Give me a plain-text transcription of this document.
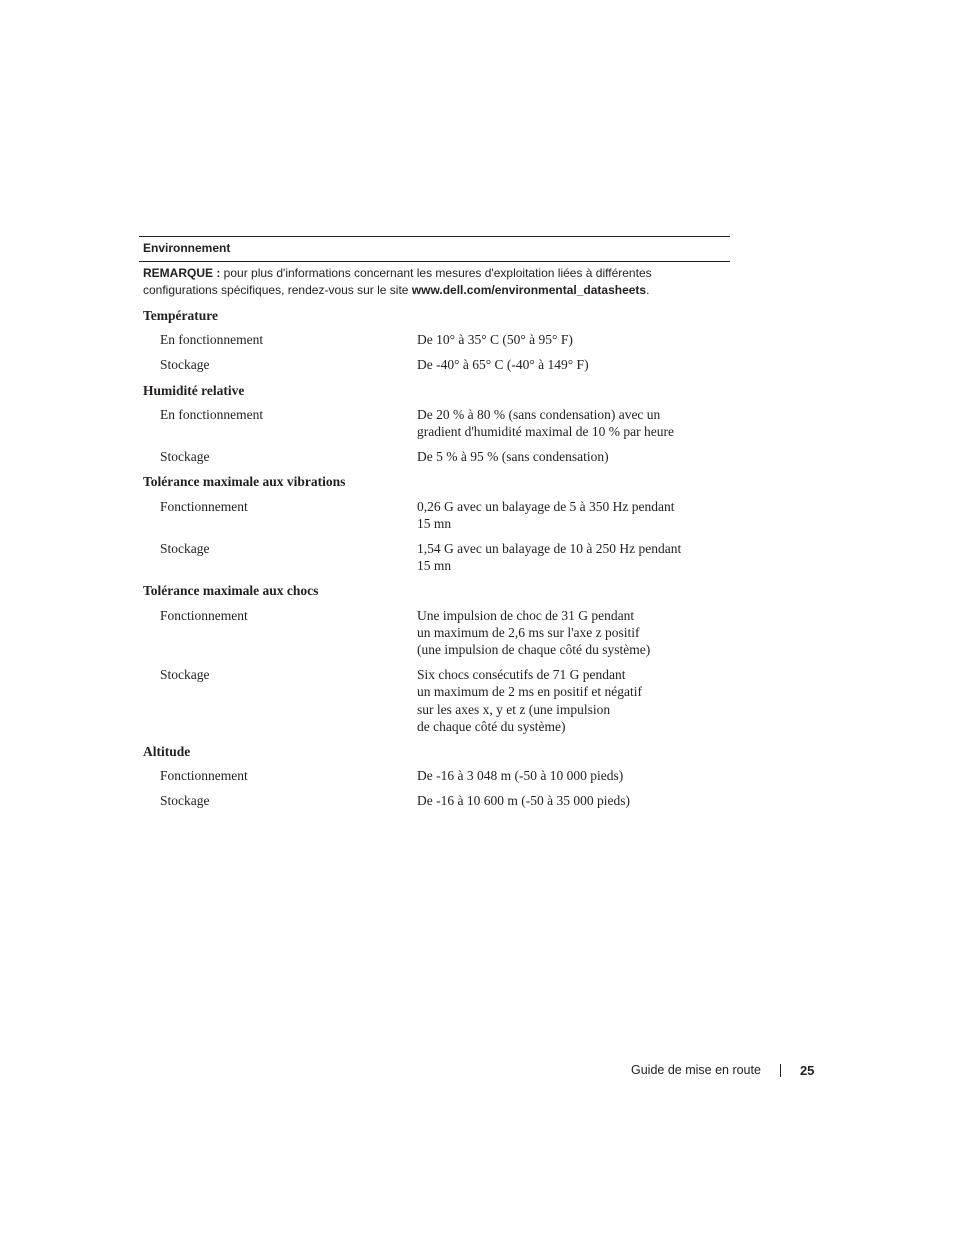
Environnement
REMARQUE : pour plus d'informations concernant les mesures d'exploitation liées à différentes configurations spécifiques, rendez-vous sur le site www.dell.com/environmental_datasheets.
Température
En fonctionnement	De 10° à 35° C (50° à 95° F)
Stockage	De -40° à 65° C (-40° à 149° F)
Humidité relative
En fonctionnement	De 20 % à 80 % (sans condensation) avec un
gradient d'humidité maximal de 10 % par heure
Stockage	De 5 % à 95 % (sans condensation)
Tolérance maximale aux vibrations
Fonctionnement	0,26 G avec un balayage de 5 à 350 Hz pendant
15 mn
Stockage	1,54 G avec un balayage de 10 à 250 Hz pendant
15 mn
Tolérance maximale aux chocs
Fonctionnement	Une impulsion de choc de 31 G pendant
un maximum de 2,6 ms sur l'axe z positif
(une impulsion de chaque côté du système)
Stockage	Six chocs consécutifs de 71 G pendant
un maximum de 2 ms en positif et négatif
sur les axes x, y et z (une impulsion
de chaque côté du système)
Altitude
Fonctionnement	De -16 à 3 048 m (-50 à 10 000 pieds)
Stockage	De -16 à 10 600 m (-50 à 35 000 pieds)
Guide de mise en route	25
